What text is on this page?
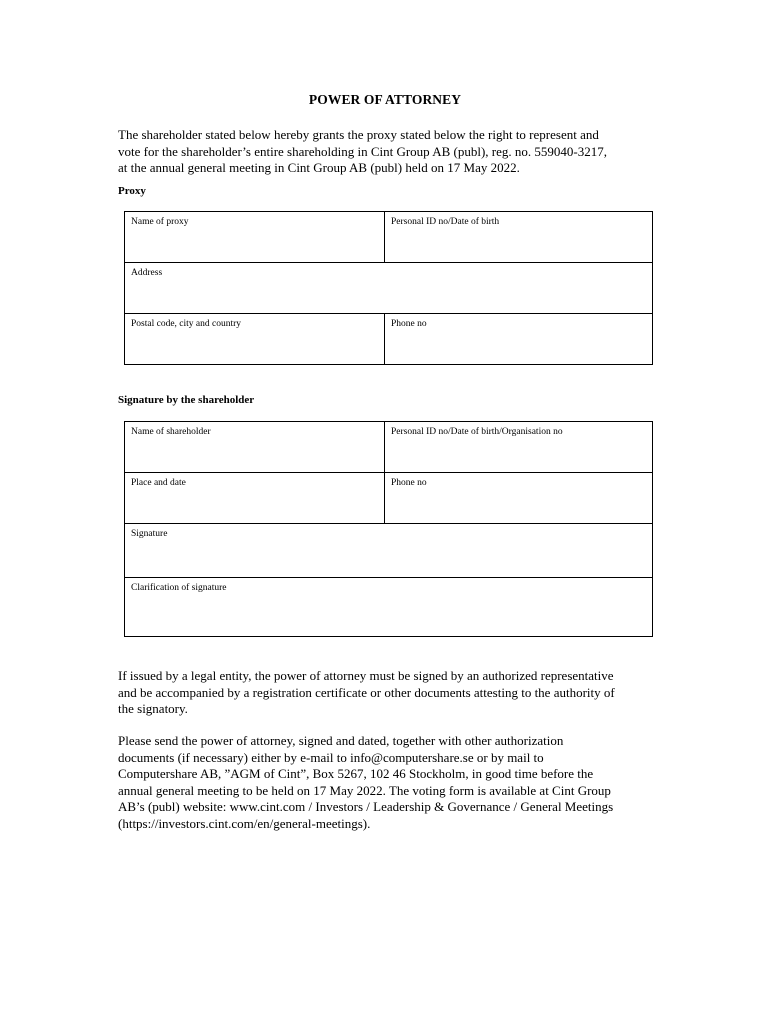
POWER OF ATTORNEY

The shareholder stated below hereby grants the proxy stated below the right to represent and
vote for the shareholder’s entire shareholding in Cint Group AB (publ), reg. no. 559040-3217,
at the annual general meeting in Cint Group AB (publ) held on 17 May 2022.

Proxy
Name of proxy	Personal ID no/Date of birth
Address	
Postal code, city and country	Phone no
Signature by the shareholder
Name of shareholder	Personal ID no/Date of birth/Organisation no
Place and date	Phone no
Signature	
Clarification of signature	

If issued by a legal entity, the power of attorney must be signed by an authorized representative
and be accompanied by a registration certificate or other documents attesting to the authority of
the signatory.

Please send the power of attorney, signed and dated, together with other authorization
documents (if necessary) either by e-mail to info@computershare.se or by mail to
Computershare AB, ”AGM of Cint”, Box 5267, 102 46 Stockholm, in good time before the
annual general meeting to be held on 17 May 2022. The voting form is available at Cint Group
AB’s (publ) website: www.cint.com / Investors / Leadership & Governance / General Meetings
(https://investors.cint.com/en/general-meetings).
